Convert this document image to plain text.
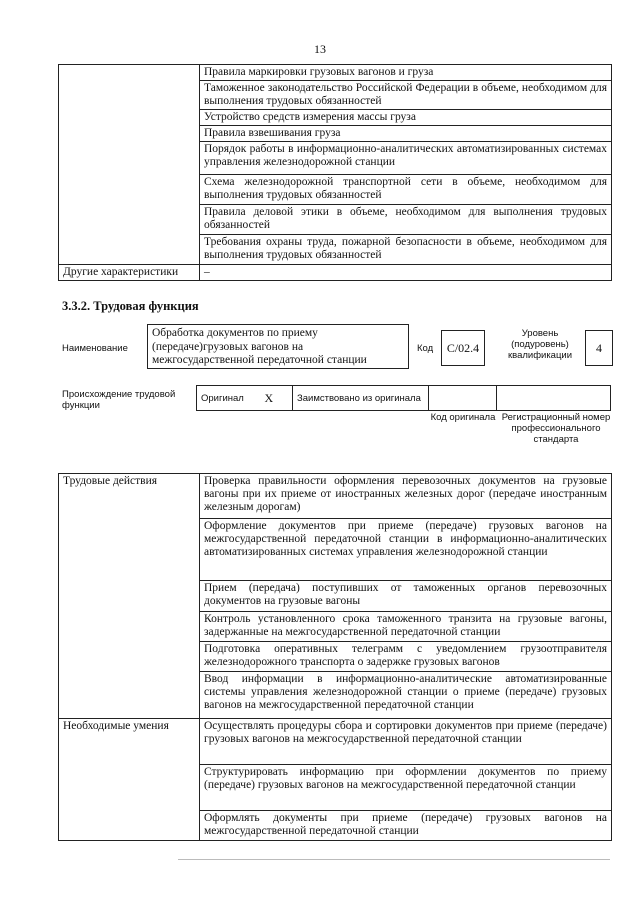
13
	Правила маркировки грузовых вагонов и груза
	Таможенное законодательство Российской Федерации в объеме, необходимом для выполнения трудовых обязанностей
	Устройство средств измерения массы груза
	Правила взвешивания груза
	Порядок работы в информационно-аналитических автоматизированных системах управления железнодорожной станции
	Схема железнодорожной транспортной сети в объеме, необходимом для выполнения трудовых обязанностей
	Правила деловой этики в объеме, необходимом для выполнения трудовых обязанностей
	Требования охраны труда, пожарной безопасности в объеме, необходимом для выполнения трудовых обязанностей
Другие характеристики	–
3.3.2. Трудовая функция
Наименование
Обработка документов по приему (передаче)грузовых вагонов на межгосударственной передаточной станции
Код	С/02.4
Уровень (подуровень) квалификации
4
Происхождение трудовой функции
Оригинал	X	Заимствовано из оригинала		
Код оригинала Регистрационный номер профессионального стандарта
Трудовые действия	Проверка правильности оформления перевозочных документов на грузовые вагоны при их приеме от иностранных железных дорог (передаче иностранным железным дорогам)
	Оформление документов при приеме (передаче) грузовых вагонов на межгосударственной передаточной станции в информационно-аналитических автоматизированных системах управления железнодорожной станции
	Прием (передача) поступивших от таможенных органов перевозочных документов на грузовые вагоны
	Контроль установленного срока таможенного транзита на грузовые вагоны, задержанные на межгосударственной передаточной станции
	Подготовка оперативных телеграмм с уведомлением грузоотправителя железнодорожного транспорта о задержке грузовых вагонов
	Ввод информации в информационно-аналитические автоматизированные системы управления железнодорожной станции о приеме (передаче) грузовых вагонов на межгосударственной передаточной станции
Необходимые умения	Осуществлять процедуры сбора и сортировки документов при приеме (передаче) грузовых вагонов на межгосударственной передаточной станции
	Структурировать информацию при оформлении документов по приему (передаче) грузовых вагонов на межгосударственной передаточной станции
	Оформлять документы при приеме (передаче) грузовых вагонов на межгосударственной передаточной станции
